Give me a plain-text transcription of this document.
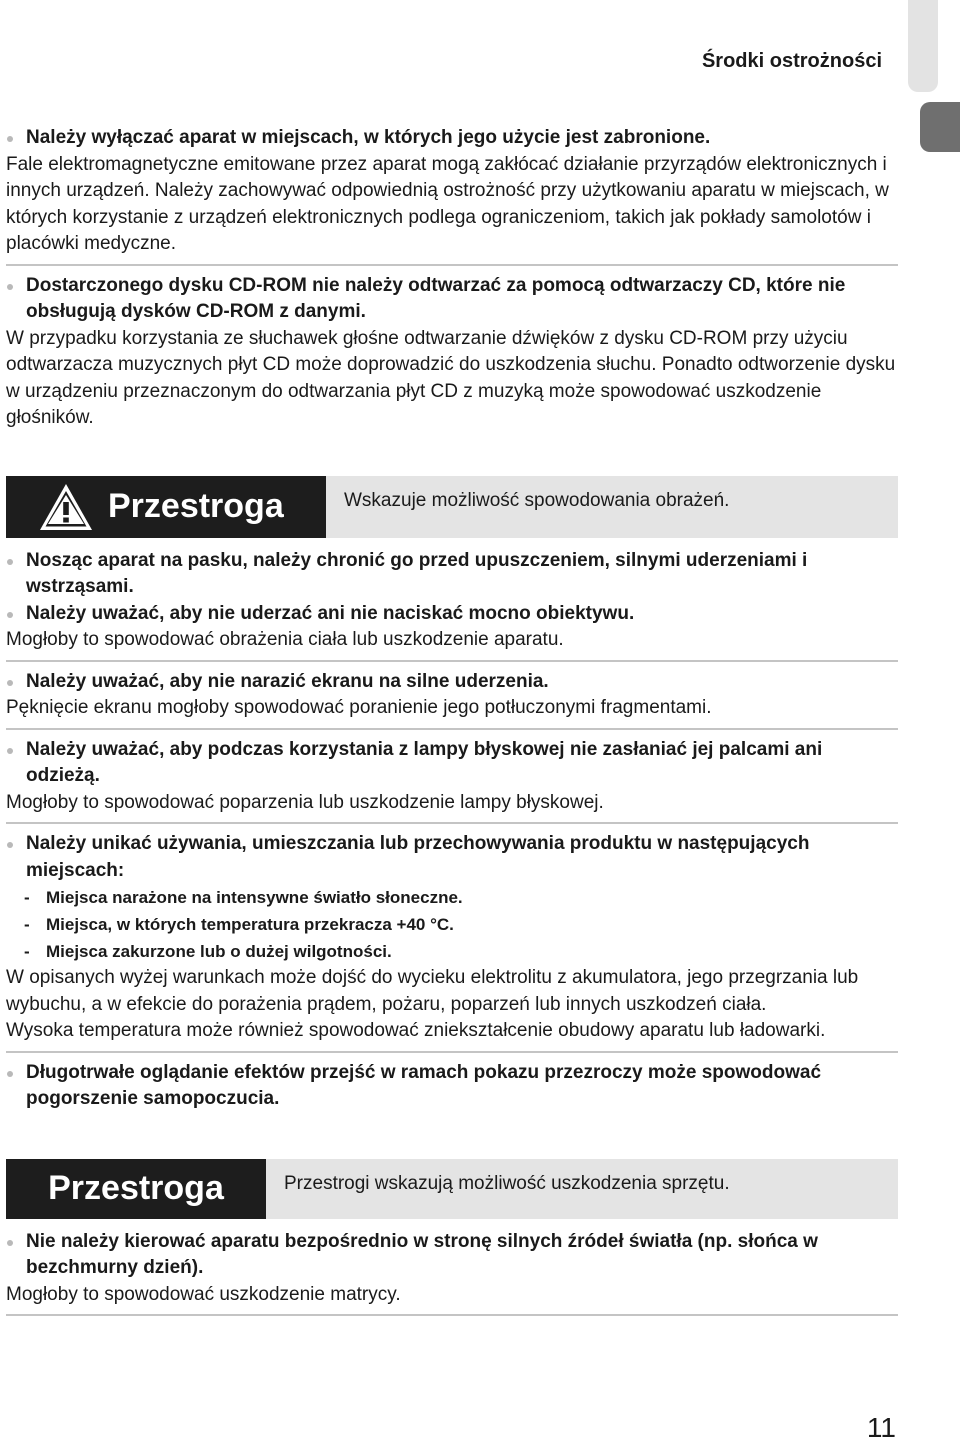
Środki ostrożności
Należy wyłączać aparat w miejscach, w których jego użycie jest zabronione.
Fale elektromagnetyczne emitowane przez aparat mogą zakłócać działanie przyrządów elektronicznych i innych urządzeń. Należy zachowywać odpowiednią ostrożność przy użytkowaniu aparatu w miejscach, w których korzystanie z urządzeń elektronicznych podlega ograniczeniom, takich jak pokłady samolotów i placówki medyczne.
Dostarczonego dysku CD-ROM nie należy odtwarzać za pomocą odtwarzaczy CD, które nie obsługują dysków CD-ROM z danymi.
W przypadku korzystania ze słuchawek głośne odtwarzanie dźwięków z dysku CD-ROM przy użyciu odtwarzacza muzycznych płyt CD może doprowadzić do uszkodzenia słuchu. Ponadto odtworzenie dysku w urządzeniu przeznaczonym do odtwarzania płyt CD z muzyką może spowodować uszkodzenie głośników.
Przestroga	Wskazuje możliwość spowodowania obrażeń.
Nosząc aparat na pasku, należy chronić go przed upuszczeniem, silnymi uderzeniami i wstrząsami.
Należy uważać, aby nie uderzać ani nie naciskać mocno obiektywu.
Mogłoby to spowodować obrażenia ciała lub uszkodzenie aparatu.
Należy uważać, aby nie narazić ekranu na silne uderzenia.
Pęknięcie ekranu mogłoby spowodować poranienie jego potłuczonymi fragmentami.
Należy uważać, aby podczas korzystania z lampy błyskowej nie zasłaniać jej palcami ani odzieżą.
Mogłoby to spowodować poparzenia lub uszkodzenie lampy błyskowej.
Należy unikać używania, umieszczania lub przechowywania produktu w następujących miejscach:
- Miejsca narażone na intensywne światło słoneczne.
- Miejsca, w których temperatura przekracza +40 °C.
- Miejsca zakurzone lub o dużej wilgotności.
W opisanych wyżej warunkach może dojść do wycieku elektrolitu z akumulatora, jego przegrzania lub wybuchu, a w efekcie do porażenia prądem, pożaru, poparzeń lub innych uszkodzeń ciała.
Wysoka temperatura może również spowodować zniekształcenie obudowy aparatu lub ładowarki.
Długotrwałe oglądanie efektów przejść w ramach pokazu przezroczy może spowodować pogorszenie samopoczucia.
Przestroga	Przestrogi wskazują możliwość uszkodzenia sprzętu.
Nie należy kierować aparatu bezpośrednio w stronę silnych źródeł światła (np. słońca w bezchmurny dzień).
Mogłoby to spowodować uszkodzenie matrycy.
11
